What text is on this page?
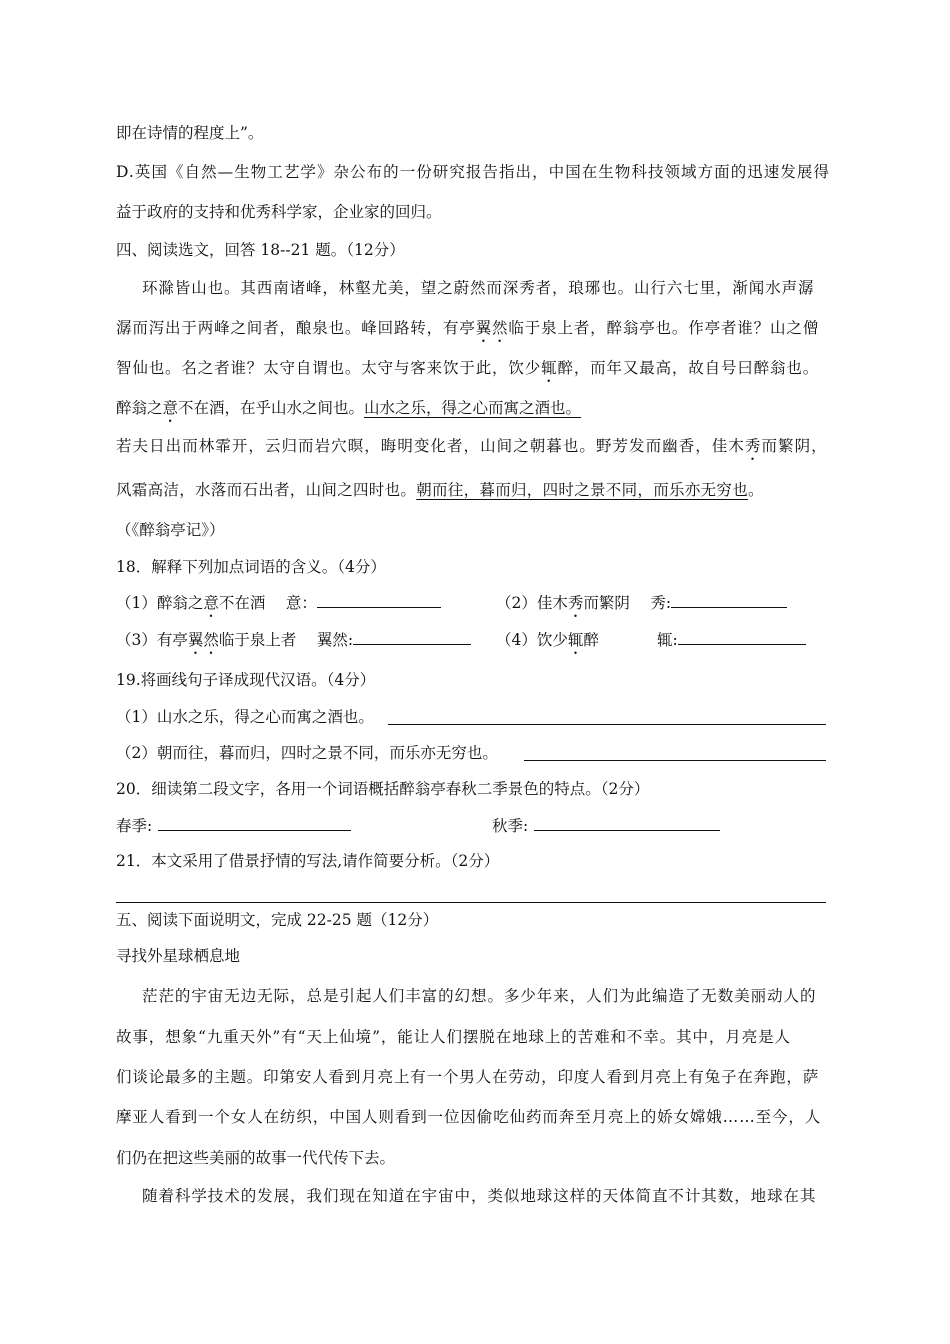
即在诗情的程度上”。
D.英国《自然—生物工艺学》杂公布的一份研究报告指出，中国在生物科技领域方面的迅速发展得
益于政府的支持和优秀科学家，企业家的回归。
四、阅读选文，回答 18--21 题。（12分）
环滁皆山也。其西南诸峰，林壑尤美，望之蔚然而深秀者，琅琊也。山行六七里，渐闻水声潺
潺而泻出于两峰之间者，酿泉也。峰回路转，有亭翼然临于泉上者，醉翁亭也。作亭者谁？山之僧
智仙也。名之者谁？太守自谓也。太守与客来饮于此，饮少辄醉，而年又最高，故自号曰醉翁也。
醉翁之意不在酒，在乎山水之间也。山水之乐，得之心而寓之酒也。
若夫日出而林霏开，云归而岩穴暝，晦明变化者，山间之朝暮也。野芳发而幽香，佳木秀而繁阴，
风霜高洁，水落而石出者，山间之四时也。朝而往，暮而归，四时之景不同，而乐亦无穷也。
（《醉翁亭记》）
18．解释下列加点词语的含义。（4分）
（1）醉翁之意不在酒　 意：	（2）佳木秀而繁阴　 秀:
（3）有亭翼然临于泉上者　 翼然:	（4）饮少辄醉	辄:
19.将画线句子译成现代汉语。（4分）
（1）山水之乐，得之心而寓之酒也。
（2）朝而往，暮而归，四时之景不同，而乐亦无穷也。
20．细读第二段文字，各用一个词语概括醉翁亭春秋二季景色的特点。（2分）
春季:	秋季:
21．本文采用了借景抒情的写法,请作简要分析。（2分）
五、阅读下面说明文，完成 22-25 题（12分）
寻找外星球栖息地
茫茫的宇宙无边无际，总是引起人们丰富的幻想。多少年来，人们为此编造了无数美丽动人的
故事，想象“九重天外”有“天上仙境”，能让人们摆脱在地球上的苦难和不幸。其中，月亮是人
们谈论最多的主题。印第安人看到月亮上有一个男人在劳动，印度人看到月亮上有兔子在奔跑，萨
摩亚人看到一个女人在纺织，中国人则看到一位因偷吃仙药而奔至月亮上的娇女嫦娥……至今，人
们仍在把这些美丽的故事一代代传下去。
随着科学技术的发展，我们现在知道在宇宙中，类似地球这样的天体简直不计其数，地球在其
